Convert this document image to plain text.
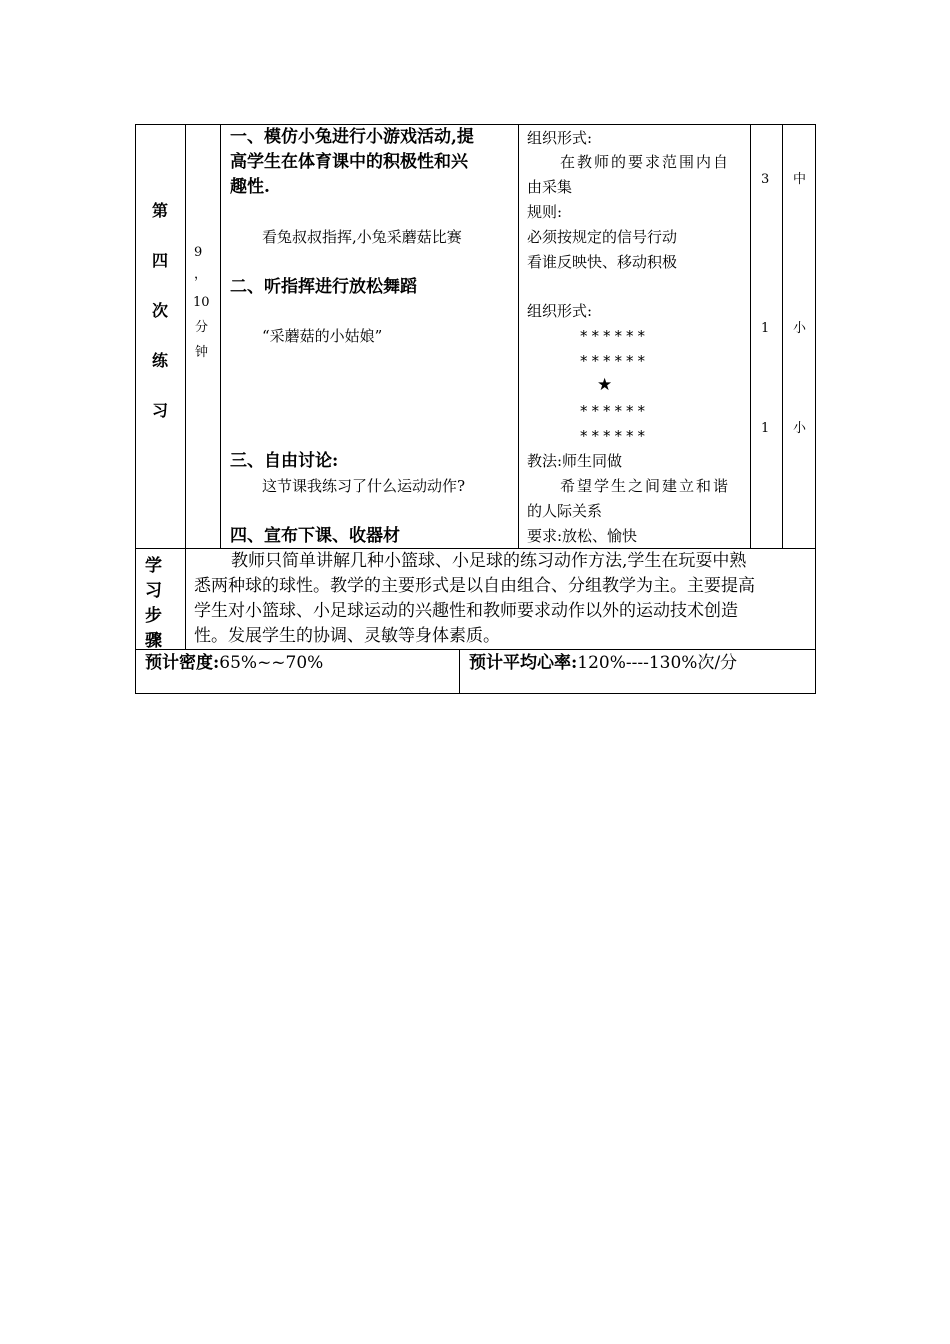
第
四
次
练
习
9
，
10
分
钟
一、模仿小兔进行小游戏活动,提
高学生在体育课中的积极性和兴
趣性.
看兔叔叔指挥,小兔采蘑菇比赛
二、听指挥进行放松舞蹈
“采蘑菇的小姑娘”
三、自由讨论:
这节课我练习了什么运动动作?
四、宣布下课、收器材
组织形式:
在教师的要求范围内自
由采集
规则:
必须按规定的信号行动
看谁反映快、移动积极
组织形式:
******
******
★
******
******
教法:师生同做
希望学生之间建立和谐
的人际关系
要求:放松、愉快
3
1
1
中
小
小
学
习
步
骤
教师只简单讲解几种小篮球、小足球的练习动作方法,学生在玩耍中熟
悉两种球的球性。教学的主要形式是以自由组合、分组教学为主。主要提高
学生对小篮球、小足球运动的兴趣性和教师要求动作以外的运动技术创造
性。发展学生的协调、灵敏等身体素质。
预计密度:65%~~70%	预计平均心率:120%----130%次/分
